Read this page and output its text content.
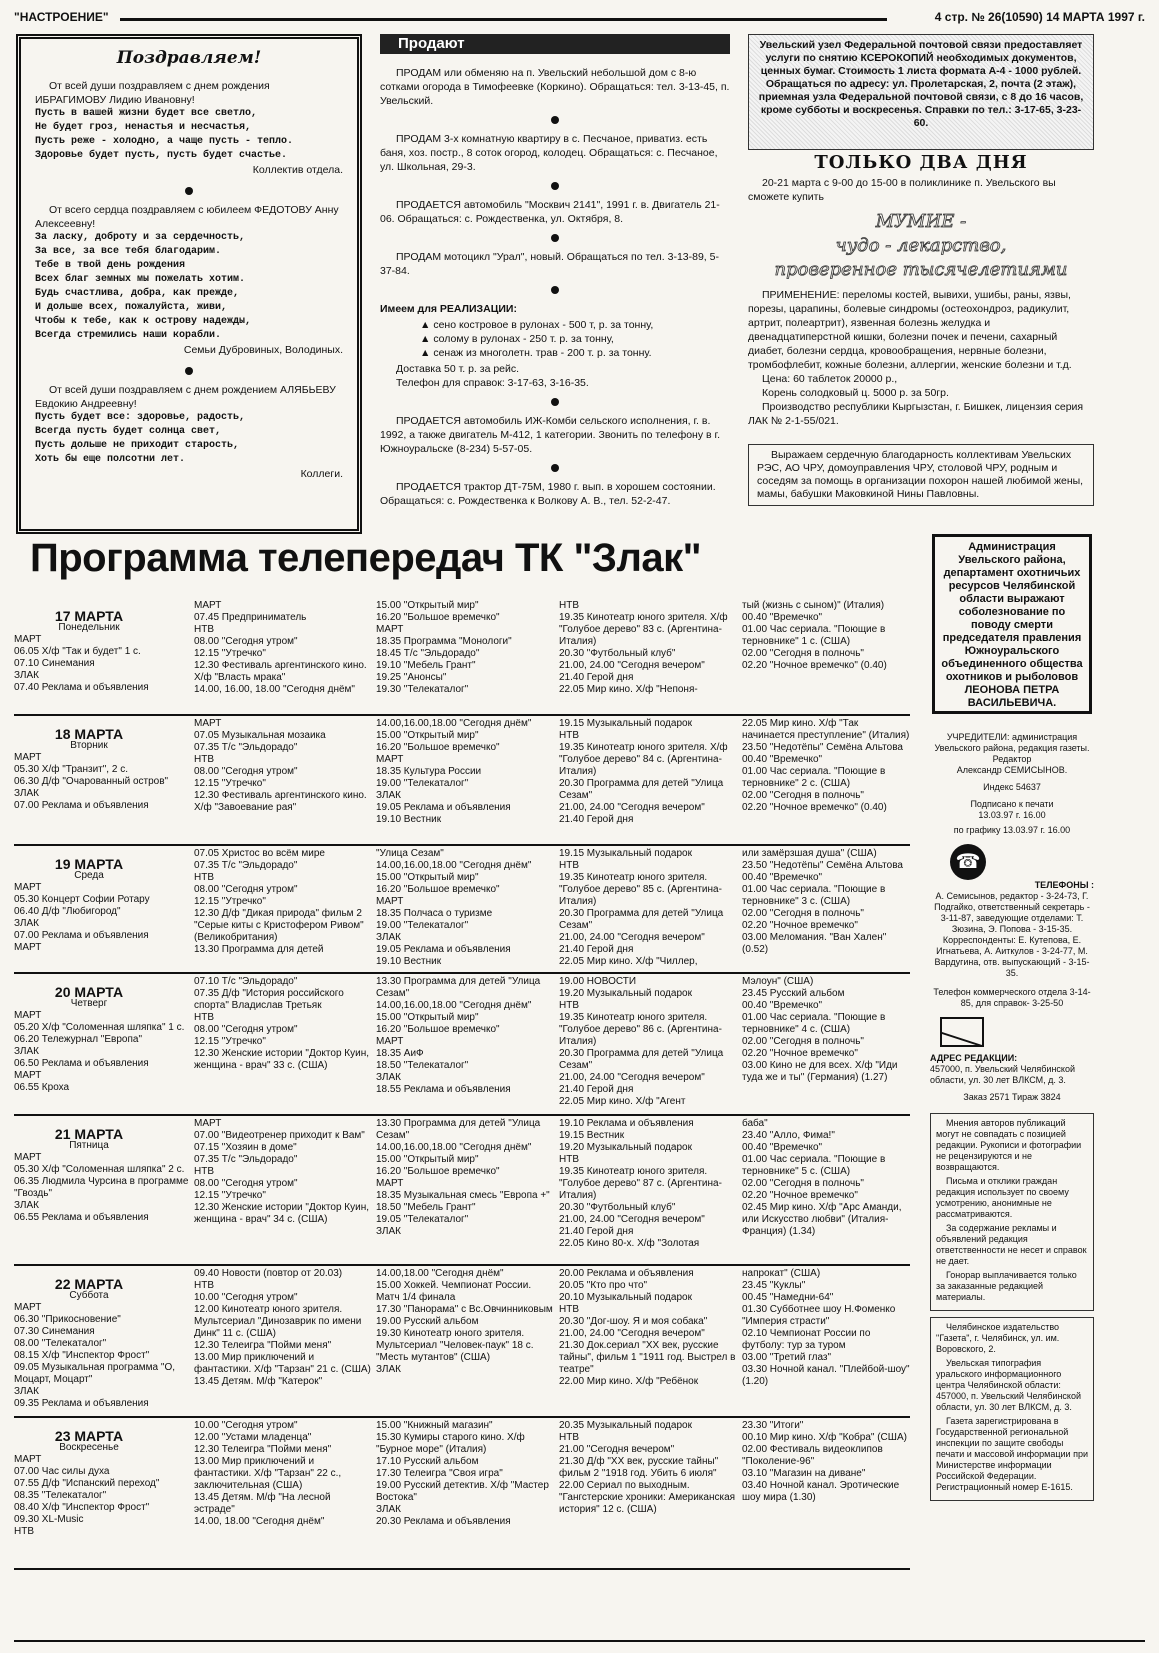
"НАСТРОЕНИЕ"	4 стр. № 26(10590) 14 МАРТА 1997 г.
Поздравляем!

От всей души поздравляем с днем рождения ИБРАГИМОВУ Лидию Ивановну!

Пусть в вашей жизни будет все светло,
Не будет гроз, ненастья и несчастья,
Пусть реже - холодно, а чаще пусть - тепло.
Здоровье будет пусть, пусть будет счастье.
Коллектив отдела.

От всего сердца поздравляем с юбилеем ФЕДОТОВУ Анну Алексеевну!

За ласку, доброту и за сердечность,
За все, за все тебя благодарим.
Тебе в твой день рождения
Всех благ земных мы пожелать хотим.
Будь счастлива, добра, как прежде,
И дольше всех, пожалуйста, живи,
Чтобы к тебе, как к острову надежды,
Всегда стремились наши корабли.
Семьи Дубровиных, Володиных.

От всей души поздравляем с днем рождением АЛЯБЬЕВУ Евдокию Андреевну!

Пусть будет все: здоровье, радость,
Всегда пусть будет солнца свет,
Пусть дольше не приходит старость,
Хоть бы еще полсотни лет.
Коллеги.
Продают

ПРОДАМ или обменяю на п. Увельский небольшой дом с 8-ю сотками огорода в Тимофеевке (Коркино). Обращаться: тел. 3-13-45, п. Увельский.

ПРОДАМ 3-х комнатную квартиру в с. Песчаное, приватиз. есть баня, хоз. постр., 8 соток огород, колодец. Обращаться: с. Песчаное, ул. Школьная, 29-3.

ПРОДАЕТСЯ автомобиль "Москвич 2141", 1991 г. в. Двигатель 21-06. Обращаться: с. Рождественка, ул. Октября, 8.

ПРОДАМ мотоцикл "Урал", новый. Обращаться по тел. 3-13-89, 5-37-84.

Имеем для РЕАЛИЗАЦИИ:
▲ сено костровое в рулонах - 500 т, р. за тонну,
▲ солому в рулонах - 250 т. р. за тонну,
▲ сенаж из многолетн. трав - 200 т. р. за тонну.

Доставка 50 т. р. за рейс.

Телефон для справок: 3-17-63, 3-16-35.

ПРОДАЕТСЯ автомобиль ИЖ-Комби сельского исполнения, г. в. 1992, а также двигатель М-412, 1 категории. Звонить по телефону в г. Южноуральске (8-234) 5-57-05.

ПРОДАЕТСЯ трактор ДТ-75М, 1980 г. вып. в хорошем состоянии. Обращаться: с. Рождественка к Волкову А. В., тел. 52-2-47.

Увельский узел Федеральной почтовой связи предоставляет услуги по снятию КСЕРОКОПИЙ необходимых документов, ценных бумаг. Стоимость 1 листа формата А-4 - 1000 рублей. Обращаться по адресу: ул. Пролетарская, 2, почта (2 этаж), приемная узла Федеральной почтовой связи, с 8 до 16 часов, кроме субботы и воскресенья. Справки по тел.: 3-17-65, 3-23-60.
ТОЛЬКО ДВА ДНЯ

20-21 марта с 9-00 до 15-00 в поликлинике п. Увельского вы сможете купить

МУМИЕ -
чудо - лекарство,
проверенное тысячелетиями

ПРИМЕНЕНИЕ: переломы костей, вывихи, ушибы, раны, язвы, порезы, царапины, болевые синдромы (остеохондроз, радикулит, артрит, полеартрит), язвенная болезнь желудка и двенадцатиперстной кишки, болезни почек и печени, сахарный диабет, болезни сердца, кровообращения, нервные болезни, тромбофлебит, кожные болезни, аллергии, женские болезни и т.д.

Цена: 60 таблеток 20000 р.,

Корень солодковый ц. 5000 р. за 50гр.

Производство республики Кыргызстан, г. Бишкек, лицензия серия ЛАК № 2-1-55/021.

Выражаем сердечную благодарность коллективам Увельских РЭС, АО ЧРУ, домоуправления ЧРУ, столовой ЧРУ, родным и соседям за помощь в организации похорон нашей любимой жены, мамы, бабушки Маковкиной Нины Павловны.
Программа телепередач ТК "Злак"	Администрация Увельского района, департамент охотничьих ресурсов Челябинской области выражают соболезнование по поводу смерти председателя правления Южноуральского объединенного общества охотников и рыболовов ЛЕОНОВА ПЕТРА ВАСИЛЬЕВИЧА.
17 МАРТА
Понедельник
МАРТ
06.05 Х/ф "Так и будет" 1 с.
07.10 Синемания
ЗЛАК
07.40 Реклама и объявления
МАРТ
07.45 Предприниматель
НТВ
08.00 "Сегодня утром"
12.15 "Утречко"
12.30 Фестиваль аргентинского кино. Х/ф "Власть мрака"
14.00, 16.00, 18.00 "Сегодня днём"
15.00 "Открытый мир"
16.20 "Большое времечко"
МАРТ
18.35 Программа "Монологи"
18.45 Т/с "Эльдорадо"
19.10 "Мебель Грант"
19.25 "Анонсы"
19.30 "Телекаталог"
НТВ
19.35 Кинотеатр юного зрителя. Х/ф "Голубое дерево" 83 с. (Аргентина-Италия)
20.30 "Футбольный клуб"
21.00, 24.00 "Сегодня вечером"
21.40 Герой дня
22.05 Мир кино. Х/ф "Непоня-
тый (жизнь с сыном)" (Италия)
00.40 "Времечко"
01.00 Час сериала. "Поющие в терновнике" 1 с. (США)
02.00 "Сегодня в полночь"
02.20 "Ночное времечко" (0.40)
18 МАРТА
Вторник
МАРТ
05.30 Х/ф "Транзит", 2 с.
06.30 Д/ф "Очарованный остров"
ЗЛАК
07.00 Реклама и объявления
МАРТ
07.05 Музыкальная мозаика
07.35 Т/с "Эльдорадо"
НТВ
08.00 "Сегодня утром"
12.15 "Утречко"
12.30 Фестиваль аргентинского кино. Х/ф "Завоевание рая"
14.00,16.00,18.00 "Сегодня днём"
15.00 "Открытый мир"
16.20 "Большое времечко"
МАРТ
18.35 Культура России
19.00 "Телекаталог"
ЗЛАК
19.05 Реклама и объявления
19.10 Вестник
19.15 Музыкальный подарок
НТВ
19.35 Кинотеатр юного зрителя. Х/ф "Голубое дерево" 84 с. (Аргентина-Италия)
20.30 Программа для детей "Улица Сезам"
21.00, 24.00 "Сегодня вечером"
21.40 Герой дня
22.05 Мир кино. Х/ф "Так начинается преступление" (Италия)
23.50 "Недотёпы" Семёна Альтова
00.40 "Времечко"
01.00 Час сериала. "Поющие в терновнике" 2 с. (США)
02.00 "Сегодня в полночь"
02.20 "Ночное времечко" (0.40)
19 МАРТА
Среда
МАРТ
05.30 Концерт Софии Ротару
06.40 Д/ф "Любигород"
ЗЛАК
07.00 Реклама и объявления
МАРТ
07.05 Христос во всём мире
07.35 Т/с "Эльдорадо"
НТВ
08.00 "Сегодня утром"
12.15 "Утречко"
12.30 Д/ф "Дикая природа" фильм 2 "Серые киты с Кристофером Ривом" (Великобритания)
13.30 Программа для детей
"Улица Сезам"
14.00,16.00,18.00 "Сегодня днём"
15.00 "Открытый мир"
16.20 "Большое времечко"
МАРТ
18.35 Полчаса о туризме
19.00 "Телекаталог"
ЗЛАК
19.05 Реклама и объявления
19.10 Вестник
19.15 Музыкальный подарок
НТВ
19.35 Кинотеатр юного зрителя. "Голубое дерево" 85 с. (Аргентина-Италия)
20.30 Программа для детей "Улица Сезам"
21.00, 24.00 "Сегодня вечером"
21.40 Герой дня
22.05 Мир кино. Х/ф "Чиллер,
или замёрзшая душа" (США)
23.50 "Недотёпы" Семёна Альтова
00.40 "Времечко"
01.00 Час сериала. "Поющие в терновнике" 3 с. (США)
02.00 "Сегодня в полночь"
02.20 "Ночное времечко"
03.00 Меломания. "Ван Хален" (0.52)
20 МАРТА
Четверг
МАРТ
05.20 Х/ф "Соломенная шляпка" 1 с.
06.20 Тележурнал "Европа"
ЗЛАК
06.50 Реклама и объявления
МАРТ
06.55 Кроха
07.10 Т/с "Эльдорадо"
07.35 Д/ф "История российского спорта" Владислав Третьяк
НТВ
08.00 "Сегодня утром"
12.15 "Утречко"
12.30 Женские истории "Доктор Куин, женщина - врач" 33 с. (США)
13.30 Программа для детей "Улица Сезам"
14.00,16.00,18.00 "Сегодня днём"
15.00 "Открытый мир"
16.20 "Большое времечко"
МАРТ
18.35 АиФ
18.50 "Телекаталог"
ЗЛАК
18.55 Реклама и объявления
19.00 НОВОСТИ
19.20 Музыкальный подарок
НТВ
19.35 Кинотеатр юного зрителя. "Голубое дерево" 86 с. (Аргентина-Италия)
20.30 Программа для детей "Улица Сезам"
21.00, 24.00 "Сегодня вечером"
21.40 Герой дня
22.05 Мир кино. Х/ф "Агент
Мэлоун" (США)
23.45 Русский альбом
00.40 "Времечко"
01.00 Час сериала. "Поющие в терновнике" 4 с. (США)
02.00 "Сегодня в полночь"
02.20 "Ночное времечко"
03.00 Кино не для всех. Х/ф "Иди туда же и ты" (Германия) (1.27)
21 МАРТА
Пятница
МАРТ
05.30 Х/ф "Соломенная шляпка" 2 с.
06.35 Людмила Чурсина в программе "Гвоздь"
ЗЛАК
06.55 Реклама и объявления
МАРТ
07.00 "Видеотренер приходит к Вам"
07.15 "Хозяин в доме"
07.35 Т/с "Эльдорадо"
НТВ
08.00 "Сегодня утром"
12.15 "Утречко"
12.30 Женские истории "Доктор Куин, женщина - врач" 34 с. (США)
13.30 Программа для детей "Улица Сезам"
14.00,16.00,18.00 "Сегодня днём"
15.00 "Открытый мир"
16.20 "Большое времечко"
МАРТ
18.35 Музыкальная смесь "Европа +"
18.50 "Мебель Грант"
19.05 "Телекаталог"
ЗЛАК
19.10 Реклама и объявления
19.15 Вестник
19.20 Музыкальный подарок
НТВ
19.35 Кинотеатр юного зрителя. "Голубое дерево" 87 с. (Аргентина-Италия)
20.30 "Футбольный клуб"
21.00, 24.00 "Сегодня вечером"
21.40 Герой дня
22.05 Кино 80-х. Х/ф "Золотая
баба"
23.40 "Алло, Фима!"
00.40 "Времечко"
01.00 Час сериала. "Поющие в терновнике" 5 с. (США)
02.00 "Сегодня в полночь"
02.20 "Ночное времечко"
02.45 Мир кино. Х/ф "Арс Аманди, или Искусство любви" (Италия-Франция) (1.34)
22 МАРТА
Суббота
МАРТ
06.30 "Прикосновение"
07.30 Синемания
08.00 "Телекаталог"
08.15 Х/ф "Инспектор Фрост"
09.05 Музыкальная программа "О, Моцарт, Моцарт"
ЗЛАК
09.35 Реклама и объявления
09.40 Новости (повтор от 20.03)
НТВ
10.00 "Сегодня утром"
12.00 Кинотеатр юного зрителя. Мультсериал "Динозаврик по имени Динк" 11 с. (США)
12.30 Телеигра "Пойми меня"
13.00 Мир приключений и фантастики. Х/ф "Тарзан" 21 с. (США)
13.45 Детям. М/ф "Катерок"
14.00,18.00 "Сегодня днём"
15.00 Хоккей. Чемпионат России. Матч 1/4 финала
17.30 "Панорама" с Вс.Овчинниковым
19.00 Русский альбом
19.30 Кинотеатр юного зрителя. Мультсериал "Человек-паук" 18 с. "Месть мутантов" (США)
ЗЛАК
20.00 Реклама и объявления
20.05 "Кто про что"
20.10 Музыкальный подарок
НТВ
20.30 "Дог-шоу. Я и моя собака"
21.00, 24.00 "Сегодня вечером"
21.30 Док.сериал "XX век, русские тайны", фильм 1 "1911 год. Выстрел в театре"
22.00 Мир кино. Х/ф "Ребёнок
напрокат" (США)
23.45 "Куклы"
00.45 "Намедни-64"
01.30 Субботнее шоу Н.Фоменко "Империя страсти"
02.10 Чемпионат России по футболу: тур за туром
03.00 "Третий глаз"
03.30 Ночной канал. "Плейбой-шоу" (1.20)
23 МАРТА
Воскресенье
МАРТ
07.00 Час силы духа
07.55 Д/ф "Испанский переход"
08.35 "Телекаталог"
08.40 Х/ф "Инспектор Фрост"
09.30 XL-Music
НТВ
10.00 "Сегодня утром"
12.00 "Устами младенца"
12.30 Телеигра "Пойми меня"
13.00 Мир приключений и фантастики. Х/ф "Тарзан" 22 с., заключительная (США)
13.45 Детям. М/ф "На лесной эстраде"
14.00, 18.00 "Сегодня днём"
15.00 "Книжный магазин"
15.30 Кумиры старого кино. Х/ф "Бурное море" (Италия)
17.10 Русский альбом
17.30 Телеигра "Своя игра"
19.00 Русский детектив. Х/ф "Мастер Востока"
ЗЛАК
20.30 Реклама и объявления
20.35 Музыкальный подарок
НТВ
21.00 "Сегодня вечером"
21.30 Д/ф "XX век, русские тайны" фильм 2 "1918 год. Убить 6 июля"
22.00 Сериал по выходным. "Гангстерские хроники: Американская история" 12 с. (США)
23.30 "Итоги"
00.10 Мир кино. Х/ф "Кобра" (США)
02.00 Фестиваль видеоклипов "Поколение-96"
03.10 "Магазин на диване"
03.40 Ночной канал. Эротические шоу мира (1.30)
УЧРЕДИТЕЛИ: администрация Увельского района, редакция газеты.
Редактор
Александр СЕМИСЫНОВ.
Индекс 54637
Подписано к печати
13.03.97 г. 16.00
по графику 13.03.97 г. 16.00
☎
ТЕЛЕФОНЫ :
А. Семисынов, редактор - 3-24-73, Г. Подгайко, ответственный секретарь - 3-11-87, заведующие отделами: Т. Зюзина, Э. Попова - 3-15-35. Корреспонденты: Е. Кутепова, Е. Игнатьева, А. Аиткулов - 3-24-77, М. Вардугина, отв. выпускающий - 3-15-35.
Телефон коммерческого отдела 3-14-85, для справок- 3-25-50
АДРЕС РЕДАКЦИИ:
457000, п. Увельский Челябинской области, ул. 30 лет ВЛКСМ, д. 3.
Заказ 2571 Тираж 3824

Мнения авторов публикаций могут не совпадать с позицией редакции. Рукописи и фотографии не рецензируются и не возвращаются.

Письма и отклики граждан редакция использует по своему усмотрению, анонимные не рассматриваются.

За содержание рекламы и объявлений редакция ответственности не несет и справок не дает.

Гонорар выплачивается только за заказанные редакцией материалы.

Челябинское издательство "Газета", г. Челябинск, ул. им. Воровского, 2.

Увельская типография уральского информационного центра Челябинской области: 457000, п. Увельский Челябинской области, ул. 30 лет ВЛКСМ, д. 3.

Газета зарегистрирована в Государственной региональной инспекции по защите свободы печати и массовой информации при Министерстве информации Российской Федерации. Регистрационный номер Е-1615.
